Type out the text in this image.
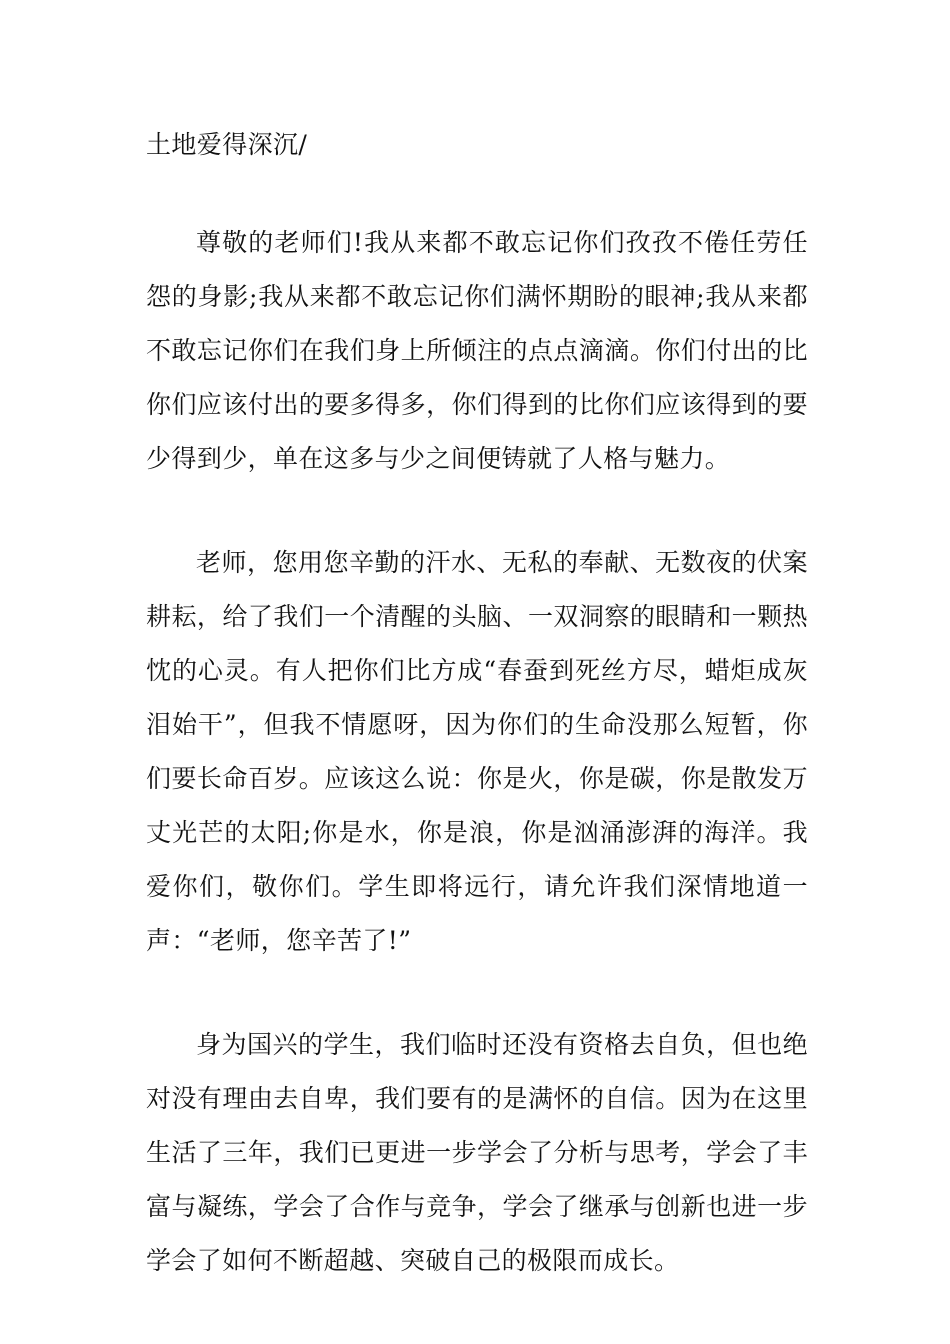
土地爱得深沉/

尊敬的老师们!我从来都不敢忘记你们孜孜不倦任劳任怨的身影;我从来都不敢忘记你们满怀期盼的眼神;我从来都不敢忘记你们在我们身上所倾注的点点滴滴。你们付出的比你们应该付出的要多得多，你们得到的比你们应该得到的要少得到少，单在这多与少之间便铸就了人格与魅力。

老师，您用您辛勤的汗水、无私的奉献、无数夜的伏案耕耘，给了我们一个清醒的头脑、一双洞察的眼睛和一颗热忱的心灵。有人把你们比方成“春蚕到死丝方尽，蜡炬成灰泪始干”，但我不情愿呀，因为你们的生命没那么短暂，你们要长命百岁。应该这么说：你是火，你是碳，你是散发万丈光芒的太阳;你是水，你是浪，你是汹涌澎湃的海洋。我爱你们，敬你们。学生即将远行，请允许我们深情地道一声：“老师，您辛苦了!”

身为国兴的学生，我们临时还没有资格去自负，但也绝对没有理由去自卑，我们要有的是满怀的自信。因为在这里生活了三年，我们已更进一步学会了分析与思考，学会了丰富与凝练，学会了合作与竞争，学会了继承与创新也进一步学会了如何不断超越、突破自己的极限而成长。
